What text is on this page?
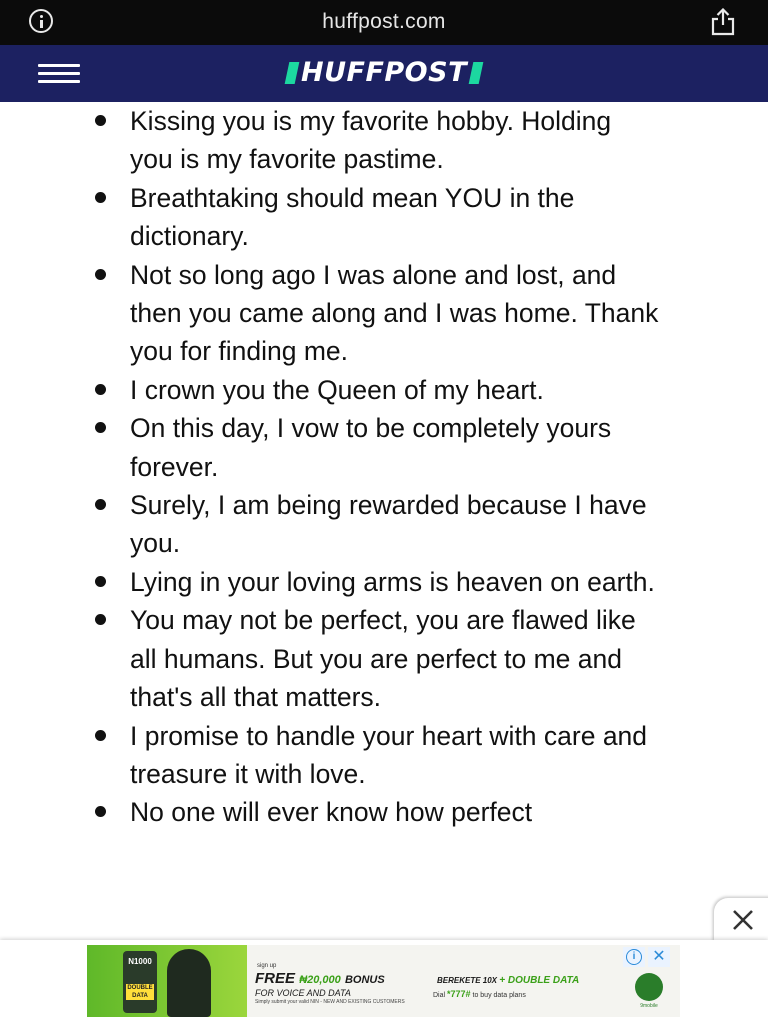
huffpost.com
HUFFPOST
Kissing you is my favorite hobby. Holding you is my favorite pastime.
Breathtaking should mean YOU in the dictionary.
Not so long ago I was alone and lost, and then you came along and I was home. Thank you for finding me.
I crown you the Queen of my heart.
On this day, I vow to be completely yours forever.
Surely, I am being rewarded because I have you.
Lying in your loving arms is heaven on earth.
You may not be perfect, you are flawed like all humans. But you are perfect to me and that's all that matters.
I promise to handle your heart with care and treasure it with love.
No one will ever know how perfect
N1000
DOUBLE DATA
sign up
FREE ₦20,000 BONUS
FOR VOICE AND DATA
Simply submit your valid NIN - NEW AND EXISTING CUSTOMERS
BEREKETE 10X + DOUBLE DATA
Dial *777# to buy data plans
9mobile
i	✕
